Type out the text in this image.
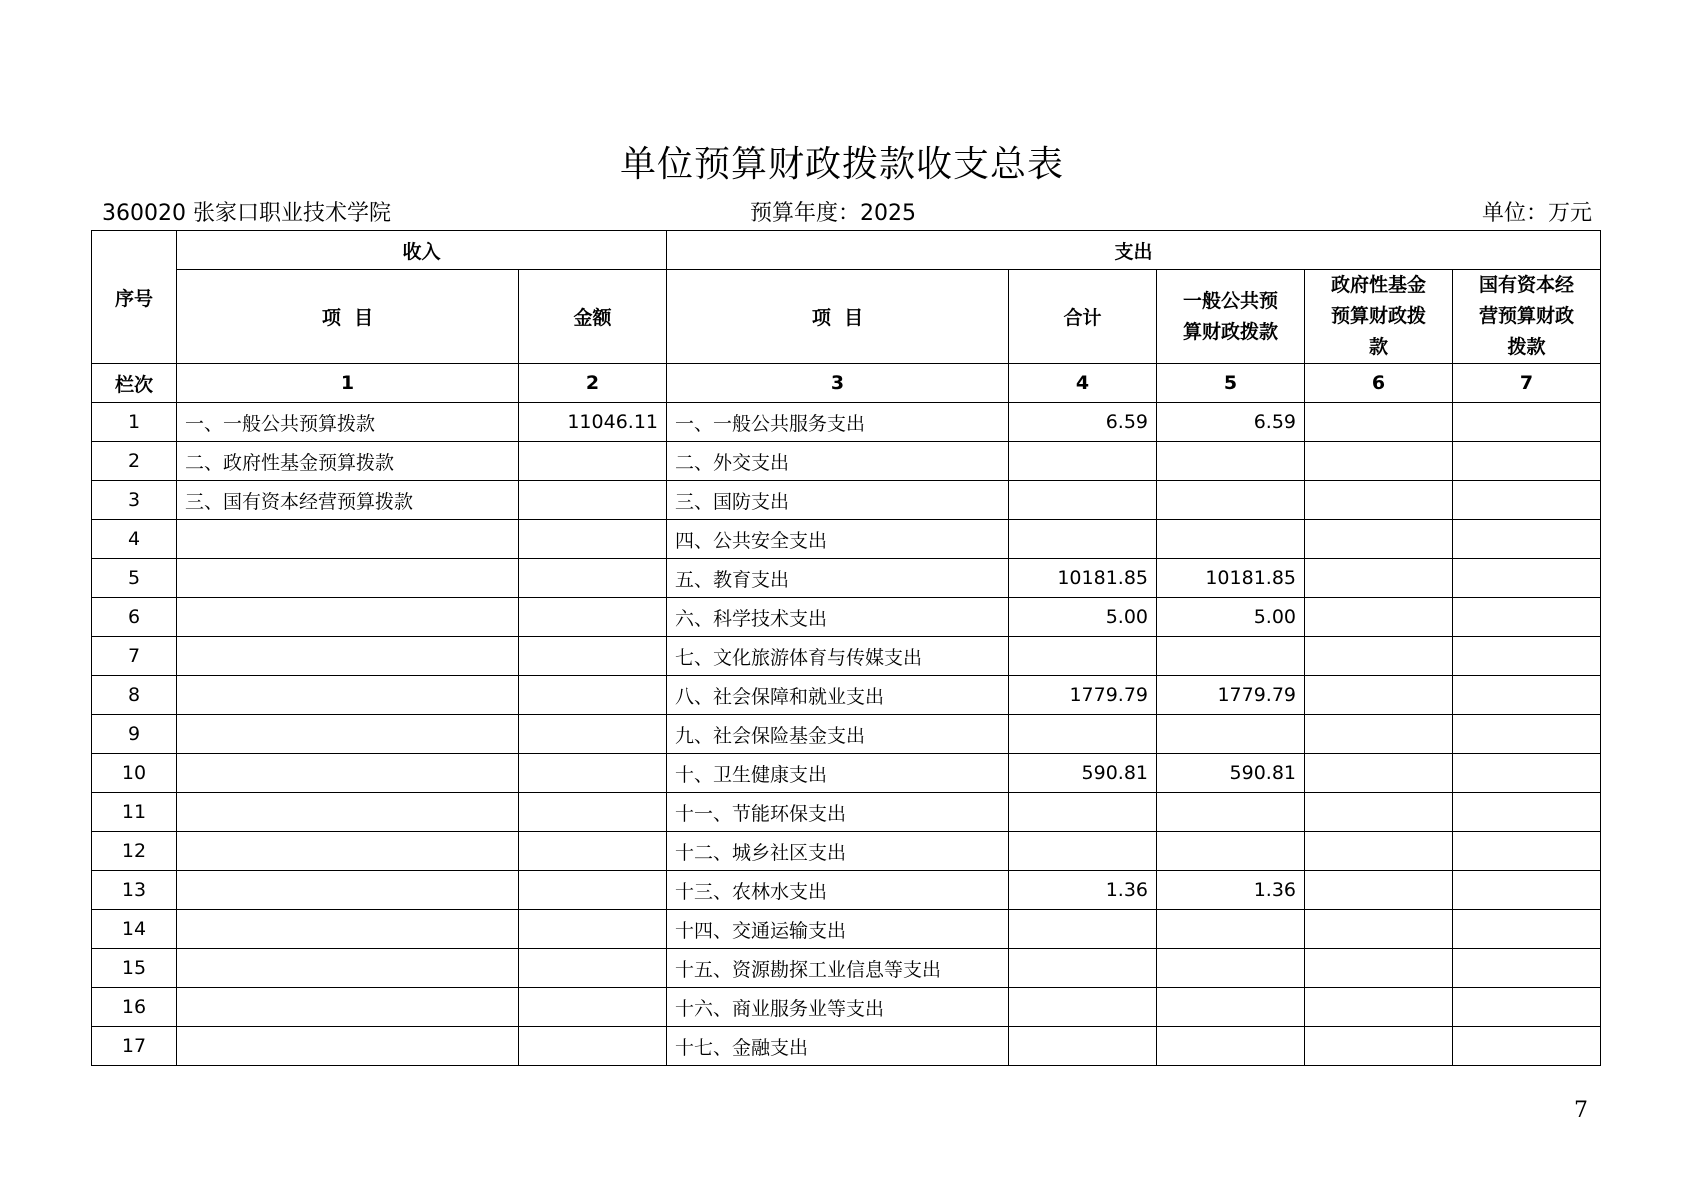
单位预算财政拨款收支总表
360020 张家口职业技术学院	预算年度：2025	单位：万元
序号	收入		支出				
	项  目	金额	项  目	合计	一般公共预算财政拨款	政府性基金预算财政拨款	国有资本经营预算财政拨款
栏次	1	2	3	4	5	6	7
1	一、一般公共预算拨款	11046.11	一、一般公共服务支出	6.59	6.59		
2	二、政府性基金预算拨款		二、外交支出				
3	三、国有资本经营预算拨款		三、国防支出				
4			四、公共安全支出				
5			五、教育支出	10181.85	10181.85		
6			六、科学技术支出	5.00	5.00		
7			七、文化旅游体育与传媒支出				
8			八、社会保障和就业支出	1779.79	1779.79		
9			九、社会保险基金支出				
10			十、卫生健康支出	590.81	590.81		
11			十一、节能环保支出				
12			十二、城乡社区支出				
13			十三、农林水支出	1.36	1.36		
14			十四、交通运输支出				
15			十五、资源勘探工业信息等支出				
16			十六、商业服务业等支出				
17			十七、金融支出				
7
